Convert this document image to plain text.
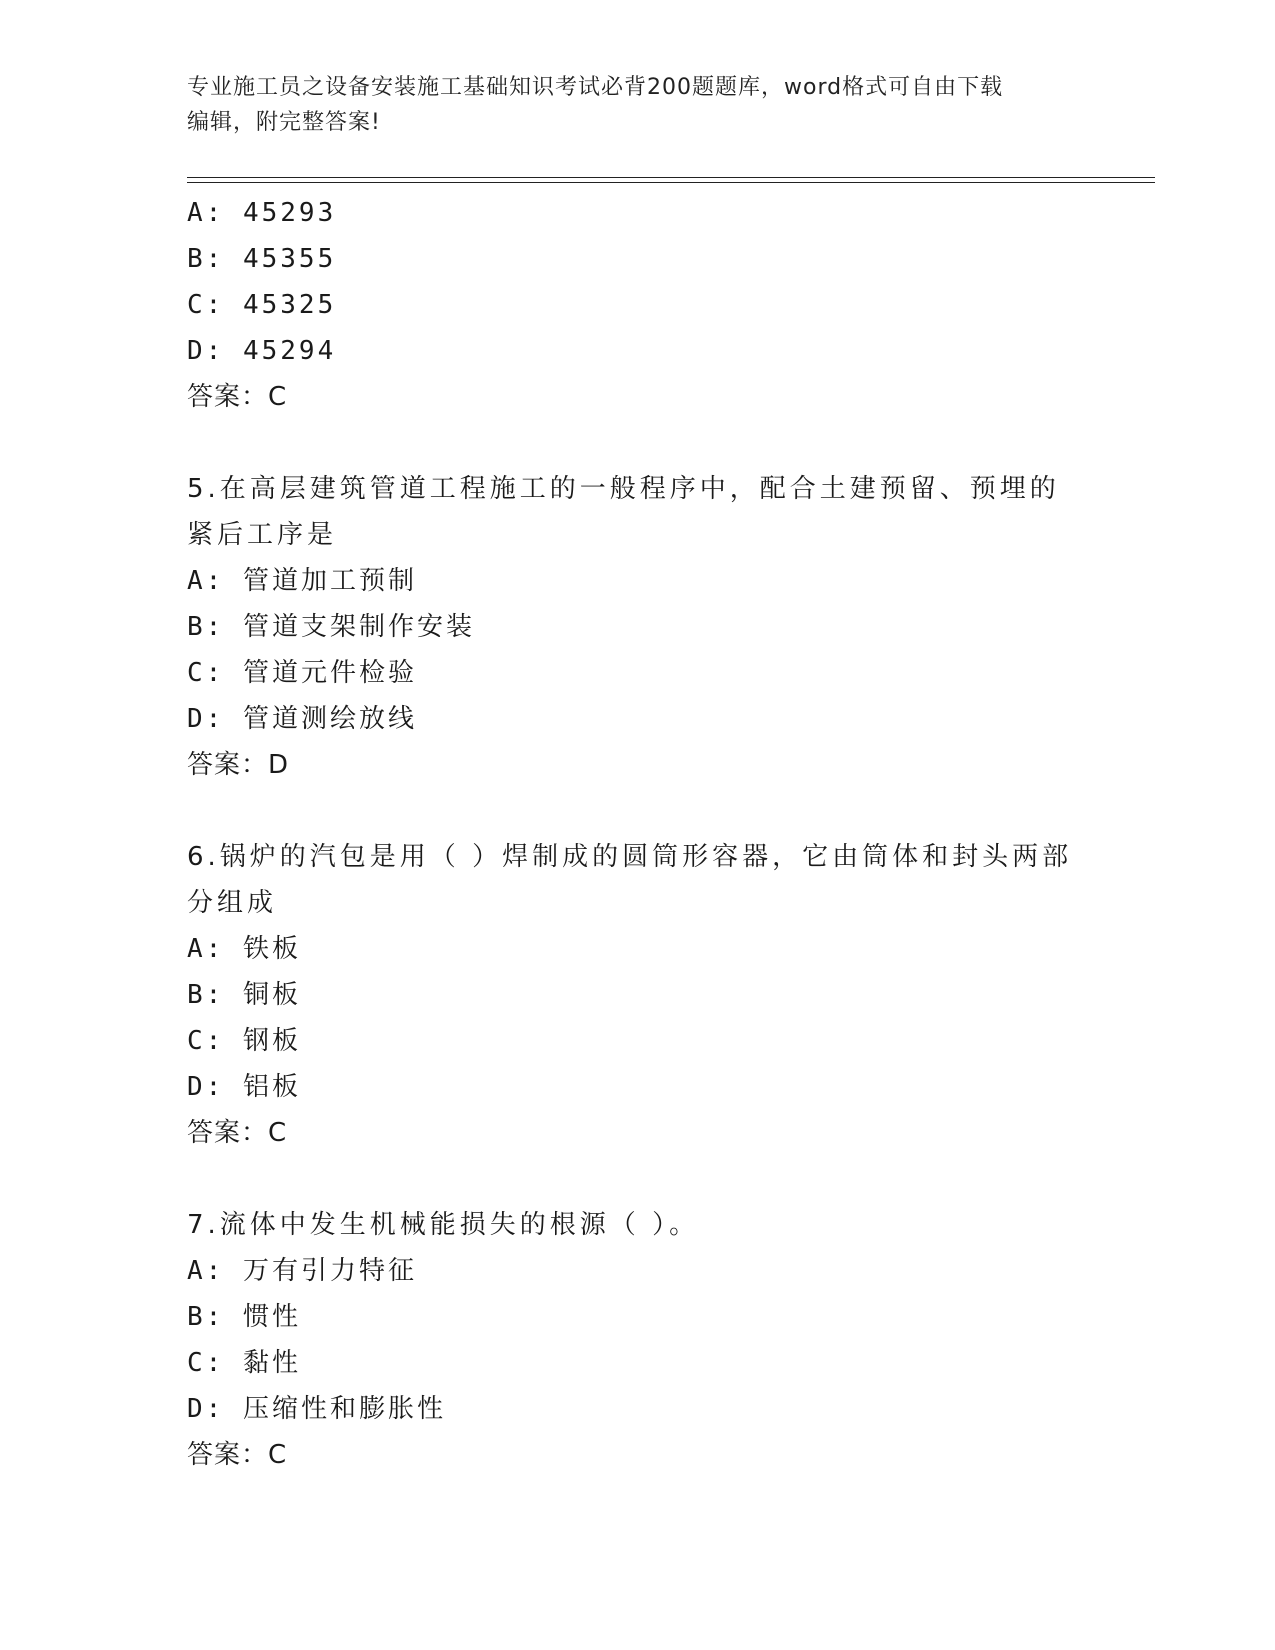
专业施工员之设备安装施工基础知识考试必背200题题库，word格式可自由下载
编辑，附完整答案!
A: 45293
B: 45355
C: 45325
D: 45294
答案：C
5.在高层建筑管道工程施工的一般程序中，配合土建预留、预埋的紧后工序是
A: 管道加工预制
B: 管道支架制作安装
C: 管道元件检验
D: 管道测绘放线
答案：D
6.锅炉的汽包是用（ ）焊制成的圆筒形容器，它由筒体和封头两部分组成
A: 铁板
B: 铜板
C: 钢板
D: 铝板
答案：C
7.流体中发生机械能损失的根源（ ）。
A: 万有引力特征
B: 惯性
C: 黏性
D: 压缩性和膨胀性
答案：C
